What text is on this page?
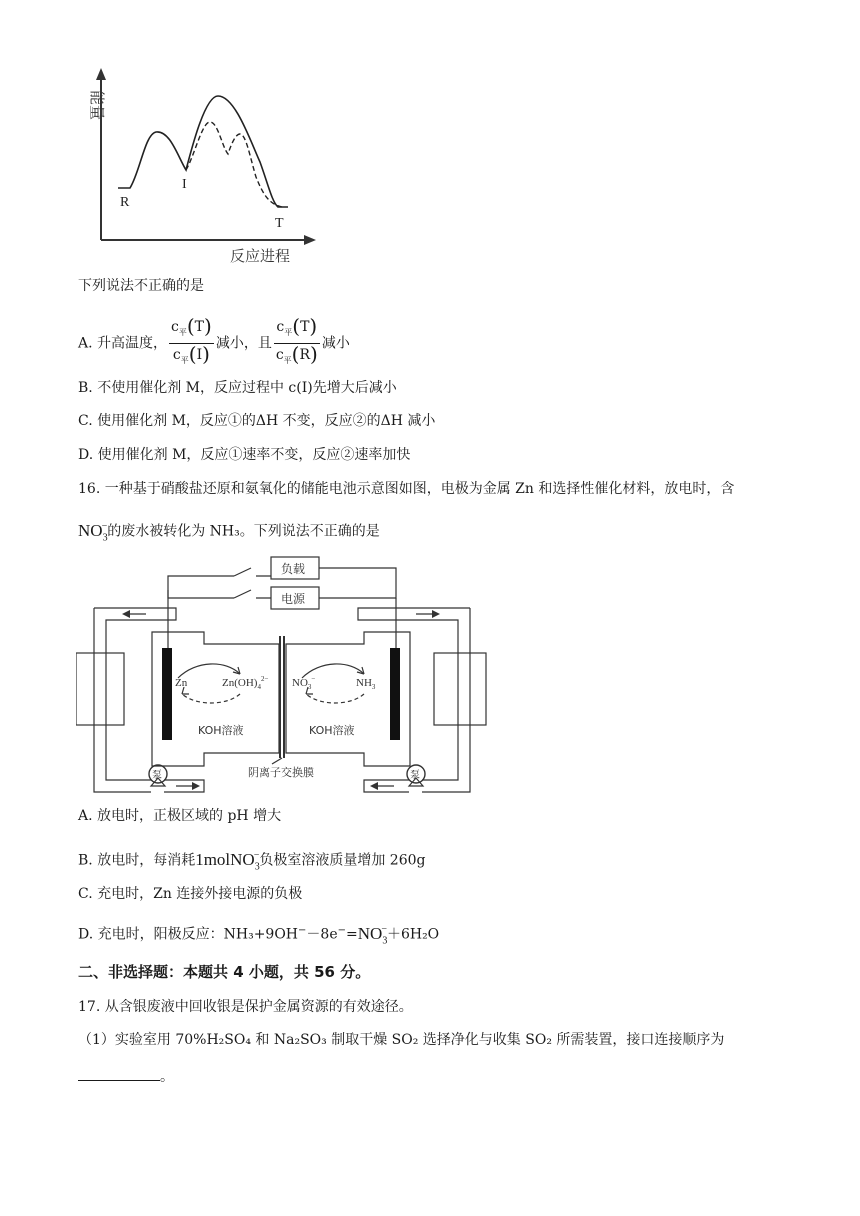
R
I
T
能量
反应进程
下列说法不正确的是
A. 升高温度， $\frac{c_平(T)}{c_平(I)}$ 减小，且 $\frac{c_平(T)}{c_平(R)}$ 减小
B. 不使用催化剂 M，反应过程中 c(I)先增大后减小
C. 使用催化剂 M，反应①的ΔH 不变，反应②的ΔH 减小
D. 使用催化剂 M，反应①速率不变，反应②速率加快
16. 一种基于硝酸盐还原和氨氧化的储能电池示意图如图，电极为金属 Zn 和选择性催化材料，放电时，含
$NO_3^-$的废水被转化为 NH₃。下列说法不正确的是
负载
电源
Zn	$Zn(OH)_4^{2-}$ $NO_3^-$	$NH_3$
KOH溶液	KOH溶液
阴离子交换膜
泵	泵
A. 放电时，正极区域的 pH 增大
B. 放电时，每消耗1molNO$_3$−负极室溶液质量增加 260g
C. 充电时，Zn 连接外接电源的负极
D. 充电时，阳极反应：$NH_3+9OH^--8e^-=NO_3^-+6H_2O$
二、非选择题：本题共 4 小题，共 56 分。
17. 从含银废液中回收银是保护金属资源的有效途径。
（1）实验室用 70%H₂SO₄ 和 Na₂SO₃ 制取干燥 SO₂ 选择净化与收集 SO₂ 所需装置，接口连接顺序为
。
